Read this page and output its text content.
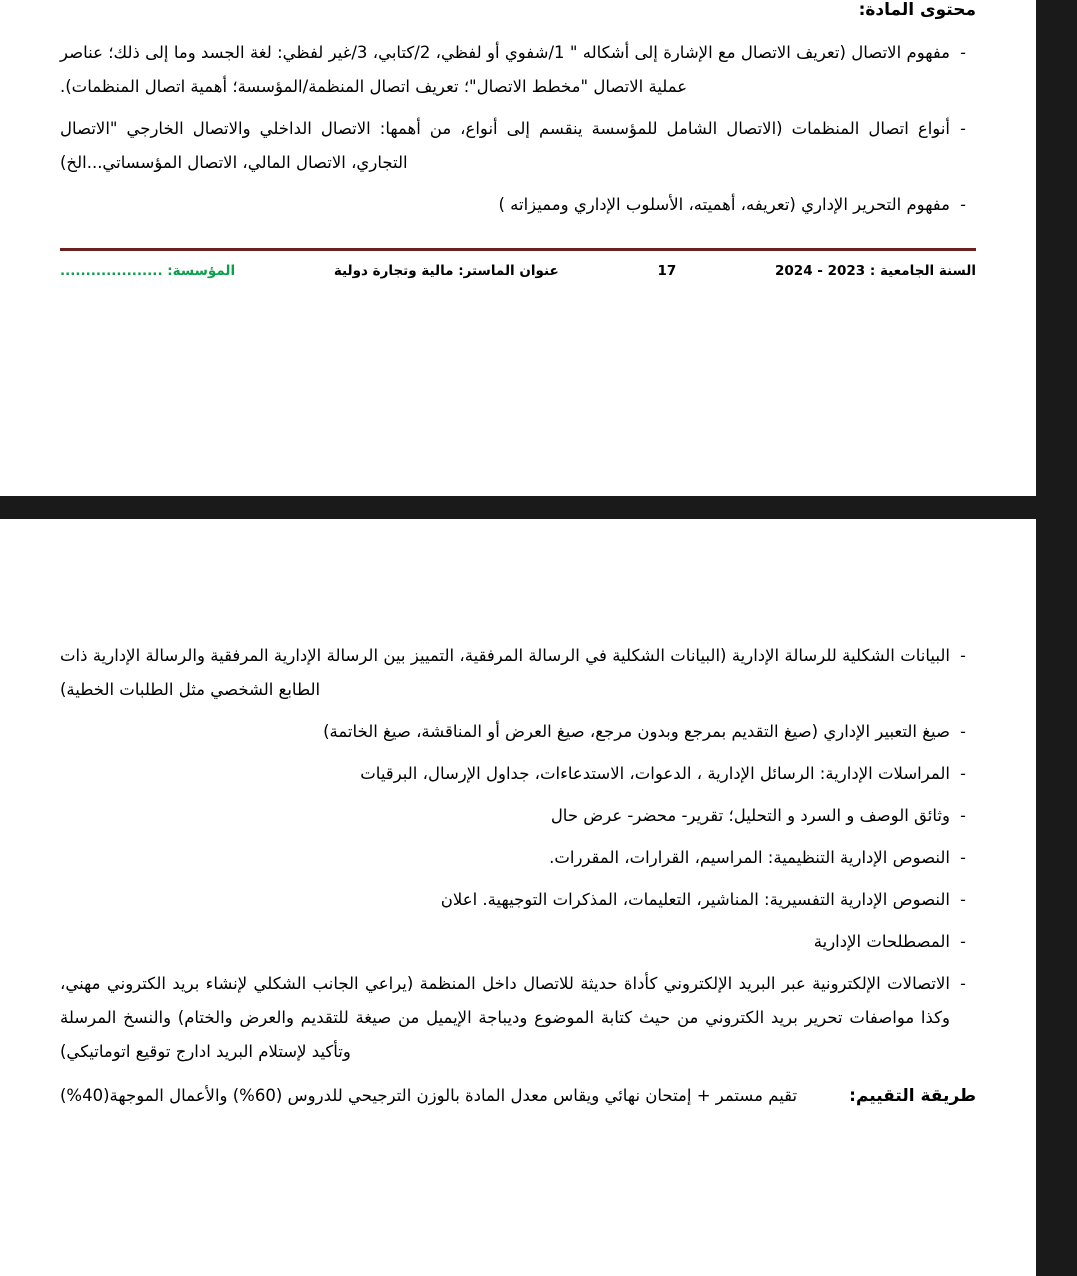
محتوى المادة:
-
مفهوم الاتصال (تعريف الاتصال مع الإشارة إلى أشكاله " 1/شفوي أو لفظي، 2/كتابي، 3/غير لفظي: لغة الجسد وما إلى ذلك؛ عناصر عملية الاتصال "مخطط الاتصال"؛ تعريف اتصال المنظمة/المؤسسة؛ أهمية اتصال المنظمات).
-
أنواع اتصال المنظمات (الاتصال الشامل للمؤسسة ينقسم إلى أنواع، من أهمها: الاتصال الداخلي والاتصال الخارجي "الاتصال التجاري، الاتصال المالي، الاتصال المؤسساتي...الخ)
-
مفهوم التحرير الإداري (تعريفه، أهميته، الأسلوب الإداري ومميزاته )
المؤسسة: ....................	عنوان الماستر: مالية وتجارة دولية	17	السنة الجامعية : 2023 - 2024
-
البيانات الشكلية للرسالة الإدارية (البيانات الشكلية في الرسالة المرفقية، التمييز بين الرسالة الإدارية المرفقية والرسالة الإدارية ذات الطابع الشخصي مثل الطلبات الخطية)
-
صيغ التعبير الإداري (صيغ التقديم بمرجع وبدون مرجع، صيغ العرض أو المناقشة، صيغ الخاتمة)
-
المراسلات الإدارية: الرسائل الإدارية ، الدعوات، الاستدعاءات، جداول الإرسال، البرقيات
-
وثائق الوصف و السرد و التحليل؛ تقرير- محضر- عرض حال
-
النصوص الإدارية التنظيمية: المراسيم، القرارات، المقررات.
-
النصوص الإدارية التفسيرية: المناشير، التعليمات، المذكرات التوجيهية. اعلان
-
المصطلحات الإدارية
-
الاتصالات الإلكترونية عبر البريد الإلكتروني كأداة حديثة للاتصال داخل المنظمة (يراعي الجانب الشكلي لإنشاء بريد الكتروني مهني، وكذا مواصفات تحرير بريد الكتروني من حيث كتابة الموضوع وديباجة الإيميل من صيغة للتقديم والعرض والختام) والنسخ المرسلة وتأكيد لإستلام البريد ادارج توقيع اتوماتيكي)
طريقة التقييم:
تقيم مستمر + إمتحان نهائي ويقاس معدل المادة بالوزن الترجيحي للدروس (60%) والأعمال الموجهة(40%)
